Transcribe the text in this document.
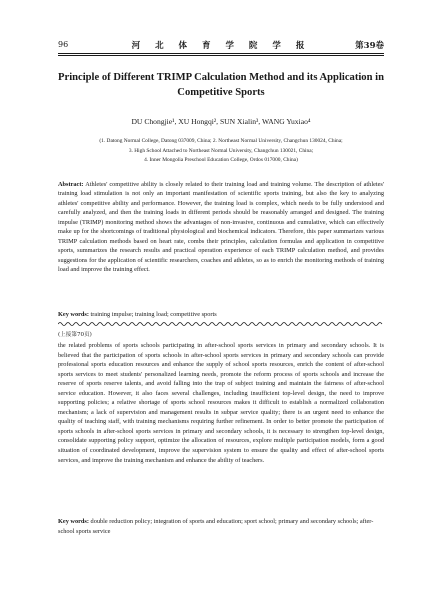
96	河 北 体 育 学 院 学 报	第39卷
Principle of Different TRIMP Calculation Method and its Application in Competitive Sports
DU Chongjie¹, XU Hongqi², SUN Xialin³, WANG Yuxiao⁴
(1. Datong Normal College, Datong 037009, China; 2. Northeast Normal University, Changchun 130024, China;
3. High School Attached to Northeast Normal University, Changchun 130021, China;
4. Inner Mongolia Preschool Education College, Ordos 017000, China)
Abstract: Athletes' competitive ability is closely related to their training load and training volume. The description of athletes' training load stimulation is not only an important manifestation of scientific sports training, but also the key to analyzing athletes' competitive ability and performance. However, the training load is complex, which needs to be fully understood and carefully analyzed, and then the training loads in different periods should be reasonably arranged and designed. The training impulse (TRIMP) monitoring method shows the advantages of non-invasive, continuous and cumulative, which can effectively make up for the shortcomings of traditional physiological and biochemical indicators. Therefore, this paper summarizes various TRIMP calculation methods based on heart rate, combs their principles, calculation formulas and application in competitive sports, summarizes the research results and practical operation experience of each TRIMP calculation method, and provides suggestions for the application of scientific researchers, coaches and athletes, so as to enrich the monitoring methods of training load and improve the training effect.
Key words: training impulse; training load; competitive sports
(上接第70页)
the related problems of sports schools participating in after-school sports services in primary and secondary schools. It is believed that the participation of sports schools in after-school sports services in primary and secondary schools can provide professional sports education resources and enhance the supply of school sports resources, enrich the content of after-school sports services to meet students' personalized learning needs, promote the reform process of sports schools and increase the reserve of sports reserve talents, and avoid falling into the trap of subject training and maintain the fairness of after-school service education. However, it also faces several challenges, including insufficient top-level design, the need to improve supporting policies; a relative shortage of sports school resources makes it difficult to establish a normalized collaboration mechanism; a lack of supervision and management results in subpar service quality; there is an urgent need to enhance the quality of teaching staff, with training mechanisms requiring further refinement. In order to better promote the participation of sports schools in after-school sports services in primary and secondary schools, it is necessary to strengthen top-level design, consolidate supporting policy support, optimize the allocation of resources, explore multiple participation models, form a good situation of coordinated development, improve the supervision system to ensure the quality and effect of after-school sports services, and improve the training mechanism and enhance the ability of teachers.
Key words: double reduction policy; integration of sports and education; sport school; primary and secondary schools; after-school sports service
